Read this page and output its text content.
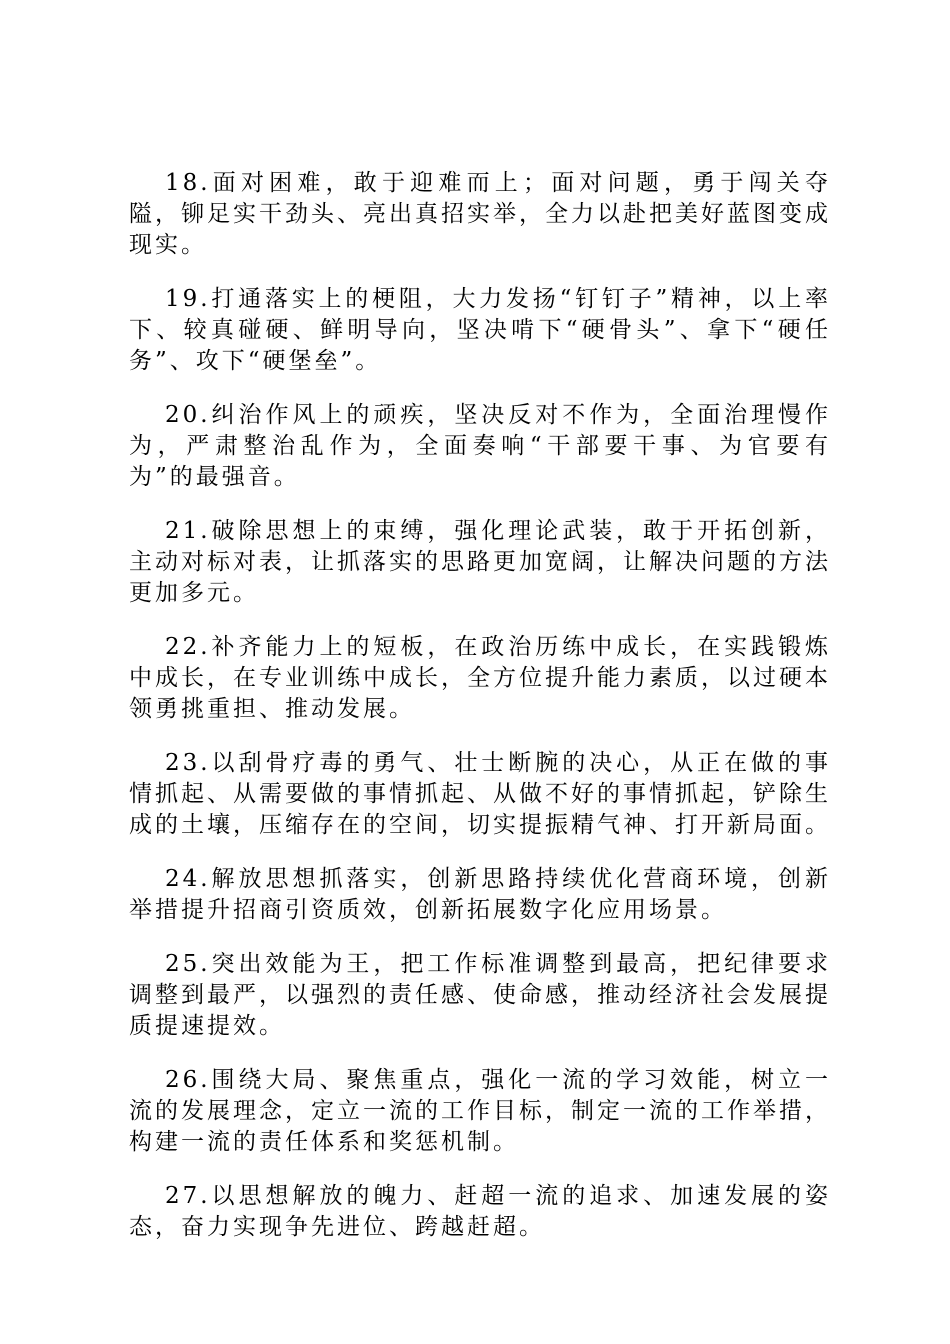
18.面对困难，敢于迎难而上；面对问题，勇于闯关夺隘，铆足实干劲头、亮出真招实举，全力以赴把美好蓝图变成现实。

19.打通落实上的梗阻，大力发扬“钉钉子”精神，以上率下、较真碰硬、鲜明导向，坚决啃下“硬骨头”、拿下“硬任务”、攻下“硬堡垒”。

20.纠治作风上的顽疾，坚决反对不作为，全面治理慢作为，严肃整治乱作为，全面奏响“干部要干事、为官要有为”的最强音。

21.破除思想上的束缚，强化理论武装，敢于开拓创新，主动对标对表，让抓落实的思路更加宽阔，让解决问题的方法更加多元。

22.补齐能力上的短板，在政治历练中成长，在实践锻炼中成长，在专业训练中成长，全方位提升能力素质，以过硬本领勇挑重担、推动发展。

23.以刮骨疗毒的勇气、壮士断腕的决心，从正在做的事情抓起、从需要做的事情抓起、从做不好的事情抓起，铲除生成的土壤，压缩存在的空间，切实提振精气神、打开新局面。

24.解放思想抓落实，创新思路持续优化营商环境，创新举措提升招商引资质效，创新拓展数字化应用场景。

25.突出效能为王，把工作标准调整到最高，把纪律要求调整到最严，以强烈的责任感、使命感，推动经济社会发展提质提速提效。

26.围绕大局、聚焦重点，强化一流的学习效能，树立一流的发展理念，定立一流的工作目标，制定一流的工作举措，构建一流的责任体系和奖惩机制。

27.以思想解放的魄力、赶超一流的追求、加速发展的姿态，奋力实现争先进位、跨越赶超。
